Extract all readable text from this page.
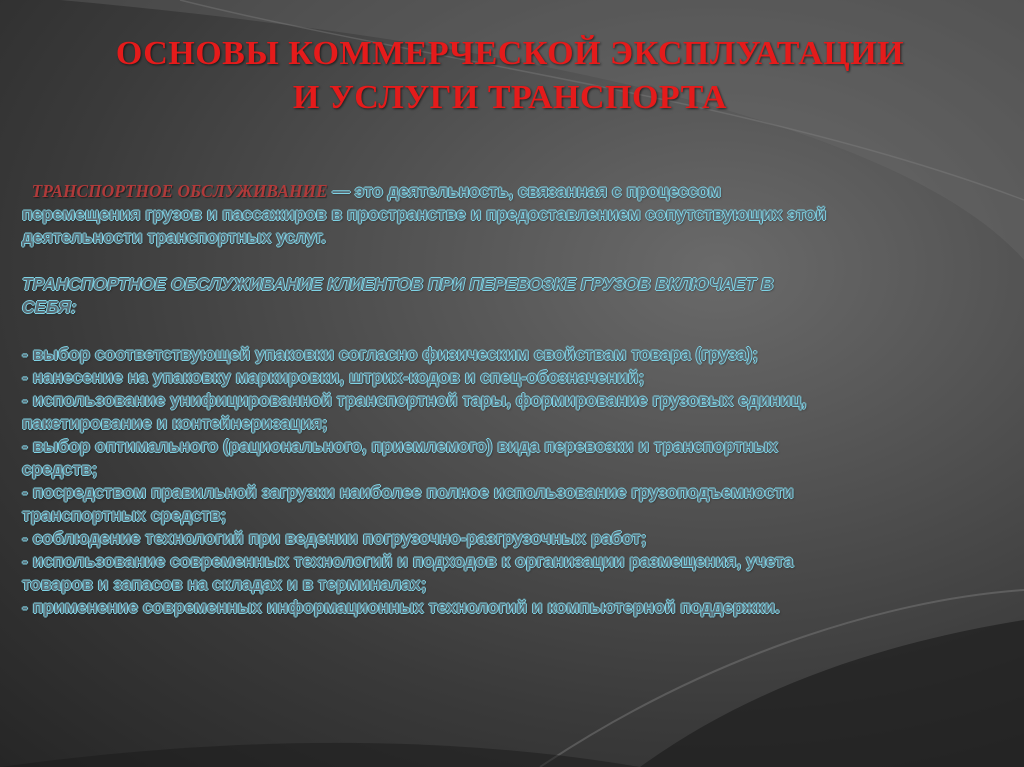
ОСНОВЫ КОММЕРЧЕСКОЙ ЭКСПЛУАТАЦИИ
И УСЛУГИ ТРАНСПОРТА
ТРАНСПОРТНОЕ ОБСЛУЖИВАНИЕ — это деятельность, связанная с процессом
перемещения грузов и пассажиров в пространстве и предоставлением сопутствующих этой
деятельности транспортных услуг.
ТРАНСПОРТНОЕ ОБСЛУЖИВАНИЕ КЛИЕНТОВ ПРИ ПЕРЕВОЗКЕ ГРУЗОВ ВКЛЮЧАЕТ В
СЕБЯ:
- выбор соответствующей упаковки согласно физическим свойствам товара (груза);
- нанесение на упаковку маркировки, штрих-кодов и спец-обозначений;
- использование унифицированной транспортной тары, формирование грузовых единиц,
пакетирование и контейнеризация;
- выбор оптимального (рационального, приемлемого) вида перевозки и транспортных
средств;
- посредством правильной загрузки наиболее полное использование грузоподъемности
транспортных средств;
- соблюдение технологий при ведении погрузочно-разгрузочных работ;
- использование современных технологий и подходов к организации размещения, учета
товаров и запасов на складах и в терминалах;
- применение современных информационных технологий и компьютерной поддержки.
